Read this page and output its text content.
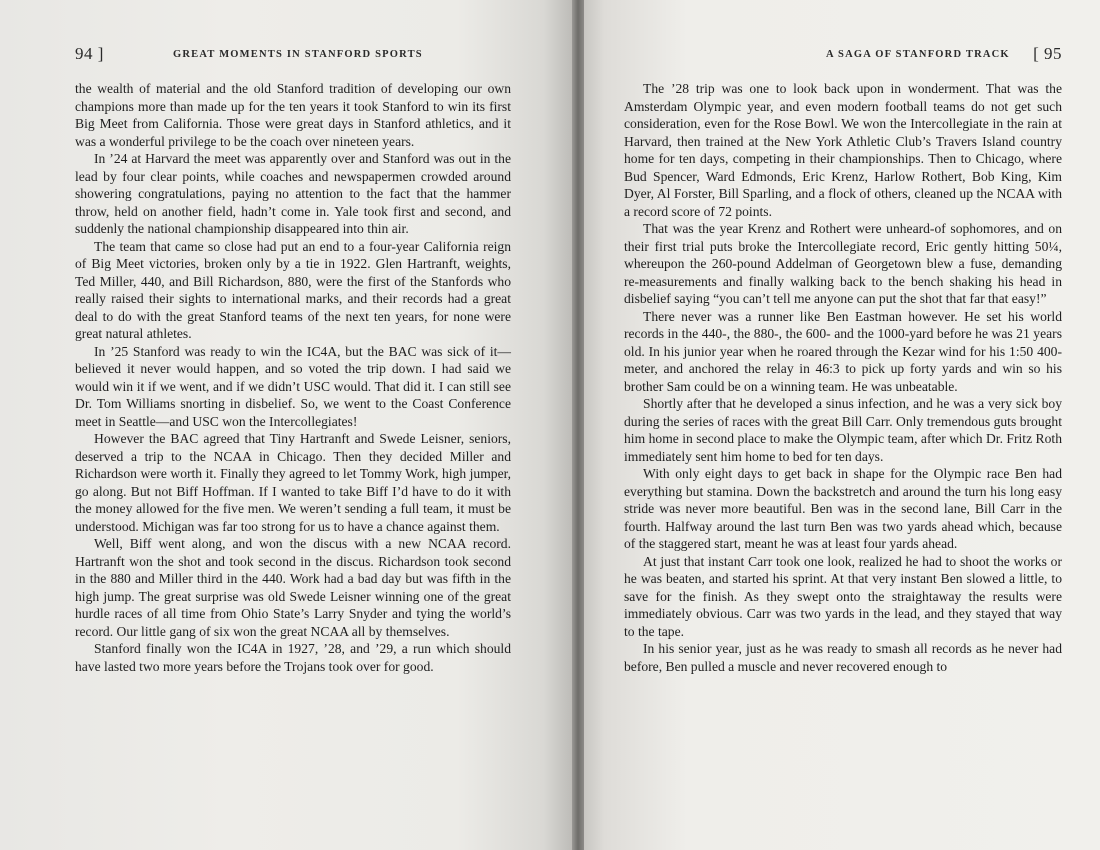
94 ]	GREAT MOMENTS IN STANFORD SPORTS

the wealth of material and the old Stanford tradition of developing our own champions more than made up for the ten years it took Stanford to win its first Big Meet from California. Those were great days in Stanford athletics, and it was a wonderful privilege to be the coach over nineteen years.

In ’24 at Harvard the meet was apparently over and Stanford was out in the lead by four clear points, while coaches and newspapermen crowded around showering congratulations, paying no attention to the fact that the hammer throw, held on another field, hadn’t come in. Yale took first and second, and suddenly the national championship disappeared into thin air.

The team that came so close had put an end to a four-year California reign of Big Meet victories, broken only by a tie in 1922. Glen Hartranft, weights, Ted Miller, 440, and Bill Richardson, 880, were the first of the Stanfords who really raised their sights to international marks, and their records had a great deal to do with the great Stanford teams of the next ten years, for none were great natural athletes.

In ’25 Stanford was ready to win the IC4A, but the BAC was sick of it—believed it never would happen, and so voted the trip down. I had said we would win it if we went, and if we didn’t USC would. That did it. I can still see Dr. Tom Williams snorting in disbelief. So, we went to the Coast Conference meet in Seattle—and USC won the Intercollegiates!

However the BAC agreed that Tiny Hartranft and Swede Leisner, seniors, deserved a trip to the NCAA in Chicago. Then they decided Miller and Richardson were worth it. Finally they agreed to let Tommy Work, high jumper, go along. But not Biff Hoffman. If I wanted to take Biff I’d have to do it with the money allowed for the five men. We weren’t sending a full team, it must be understood. Michigan was far too strong for us to have a chance against them.

Well, Biff went along, and won the discus with a new NCAA record. Hartranft won the shot and took second in the discus. Richardson took second in the 880 and Miller third in the 440. Work had a bad day but was fifth in the high jump. The great surprise was old Swede Leisner winning one of the great hurdle races of all time from Ohio State’s Larry Snyder and tying the world’s record. Our little gang of six won the great NCAA all by themselves.

Stanford finally won the IC4A in 1927, ’28, and ’29, a run which should have lasted two more years before the Trojans took over for good.

A SAGA OF STANFORD TRACK [ 95

The ’28 trip was one to look back upon in wonderment. That was the Amsterdam Olympic year, and even modern football teams do not get such consideration, even for the Rose Bowl. We won the Intercollegiate in the rain at Harvard, then trained at the New York Athletic Club’s Travers Island country home for ten days, competing in their championships. Then to Chicago, where Bud Spencer, Ward Edmonds, Eric Krenz, Harlow Rothert, Bob King, Kim Dyer, Al Forster, Bill Sparling, and a flock of others, cleaned up the NCAA with a record score of 72 points.

That was the year Krenz and Rothert were unheard-of sophomores, and on their first trial puts broke the Intercollegiate record, Eric gently hitting 50¼, whereupon the 260-pound Addelman of Georgetown blew a fuse, demanding re-measurements and finally walking back to the bench shaking his head in disbelief saying “you can’t tell me anyone can put the shot that far that easy!”

There never was a runner like Ben Eastman however. He set his world records in the 440-, the 880-, the 600- and the 1000-yard before he was 21 years old. In his junior year when he roared through the Kezar wind for his 1:50 400-meter, and anchored the relay in 46:3 to pick up forty yards and win so his brother Sam could be on a winning team. He was unbeatable.

Shortly after that he developed a sinus infection, and he was a very sick boy during the series of races with the great Bill Carr. Only tremendous guts brought him home in second place to make the Olympic team, after which Dr. Fritz Roth immediately sent him home to bed for ten days.

With only eight days to get back in shape for the Olympic race Ben had everything but stamina. Down the backstretch and around the turn his long easy stride was never more beautiful. Ben was in the second lane, Bill Carr in the fourth. Halfway around the last turn Ben was two yards ahead which, because of the staggered start, meant he was at least four yards ahead.

At just that instant Carr took one look, realized he had to shoot the works or he was beaten, and started his sprint. At that very instant Ben slowed a little, to save for the finish. As they swept onto the straightaway the results were immediately obvious. Carr was two yards in the lead, and they stayed that way to the tape.

In his senior year, just as he was ready to smash all records as he never had before, Ben pulled a muscle and never recovered enough to
